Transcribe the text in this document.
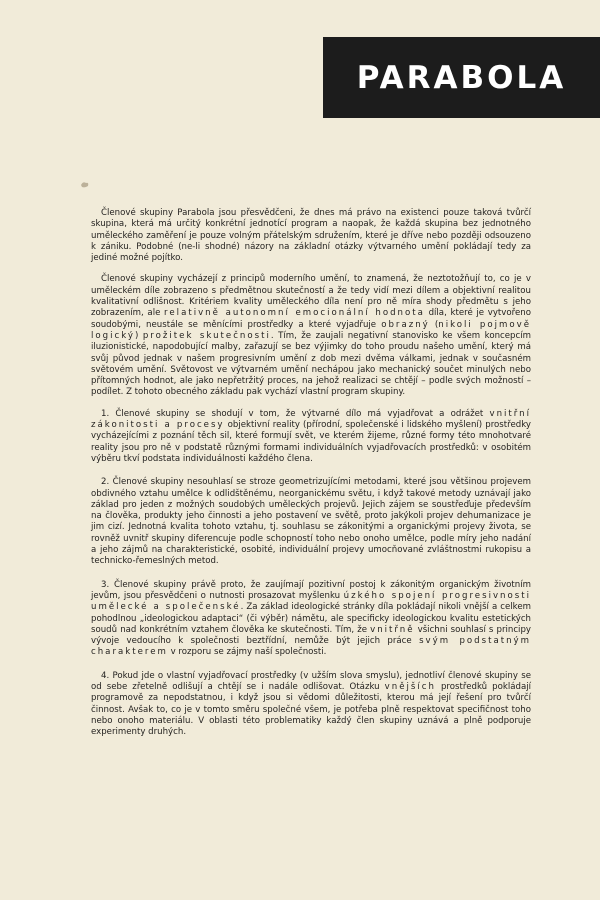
PARABOLA

Členové skupiny Parabola jsou přesvědčeni, že dnes má právo na existenci pouze taková tvůrčí skupina, která má určitý konkrétní jednotící program a naopak, že každá skupina bez jednotného uměleckého zaměření je pouze volným přátelským sdružením, které je dříve nebo později odsouzeno k zániku. Podobné (ne-li shodné) názory na základní otázky výtvarného umění pokládají tedy za jediné možné pojítko.

Členové skupiny vycházejí z principů moderního umění, to znamená, že neztotožňují to, co je v uměleckém díle zobrazeno s předmětnou skutečností a že tedy vidí mezi dílem a objektivní realitou kvalitativní odlišnost. Kritériem kvality uměleckého díla není pro ně míra shody předmětu s jeho zobrazením, ale relativně autonomní emocionální hodnota díla, které je vytvořeno soudobými, neustále se měnícími prostředky a které vyjadřuje obrazný (nikoli pojmově logický) prožitek skutečnosti. Tím, že zaujali negativní stanovisko ke všem koncepcím iluzionistické, napodobující malby, zařazují se bez výjimky do toho proudu našeho umění, který má svůj původ jednak v našem progresivním umění z dob mezi dvěma válkami, jednak v současném světovém umění. Světovost ve výtvarném umění nechápou jako mechanický součet minulých nebo přítomných hodnot, ale jako nepřetržitý proces, na jehož realizaci se chtějí – podle svých možností – podílet. Z tohoto obecného základu pak vychází vlastní program skupiny.

1. Členové skupiny se shodují v tom, že výtvarné dílo má vyjadřovat a odrážet vnitřní zákonitosti a procesy objektivní reality (přírodní, společenské i lidského myšlení) prostředky vycházejícími z poznání těch sil, které formují svět, ve kterém žijeme, různé formy této mnohotvaré reality jsou pro ně v podstatě různými formami individuálních vyjadřovacích prostředků: v osobitém výběru tkví podstata individuálnosti každého člena.

2. Členové skupiny nesouhlasí se stroze geometrizujícími metodami, které jsou většinou projevem obdivného vztahu umělce k odlidštěnému, neorganickému světu, i když takové metody uznávají jako základ pro jeden z možných soudobých uměleckých projevů. Jejich zájem se soustřeďuje především na člověka, produkty jeho činnosti a jeho postavení ve světě, proto jakýkoli projev dehumanizace je jim cizí. Jednotná kvalita tohoto vztahu, tj. souhlasu se zákonitými a organickými projevy života, se rovněž uvnitř skupiny diferencuje podle schopností toho nebo onoho umělce, podle míry jeho nadání a jeho zájmů na charakteristické, osobité, individuální projevy umocňované zvláštnostmi rukopisu a technicko-řemeslných metod.

3. Členové skupiny právě proto, že zaujímají pozitivní postoj k zákonitým organickým životním jevům, jsou přesvědčeni o nutnosti prosazovat myšlenku úzkého spojení progresivnosti umělecké a společenské. Za základ ideologické stránky díla pokládají nikoli vnější a celkem pohodlnou „ideologickou adaptaci“ (či výběr) námětu, ale specificky ideologickou kvalitu estetických soudů nad konkrétním vztahem člověka ke skutečnosti. Tím, že vnitřně všichni souhlasí s principy vývoje vedoucího k společnosti beztřídní, nemůže být jejich práce svým podstatným charakterem v rozporu se zájmy naší společnosti.

4. Pokud jde o vlastní vyjadřovací prostředky (v užším slova smyslu), jednotliví členové skupiny se od sebe zřetelně odlišují a chtějí se i nadále odlišovat. Otázku vnějších prostředků pokládají programově za nepodstatnou, i když jsou si vědomi důležitosti, kterou má její řešení pro tvůrčí činnost. Avšak to, co je v tomto směru společné všem, je potřeba plně respektovat specifičnost toho nebo onoho materiálu. V oblasti této problematiky každý člen skupiny uznává a plně podporuje experimenty druhých.
